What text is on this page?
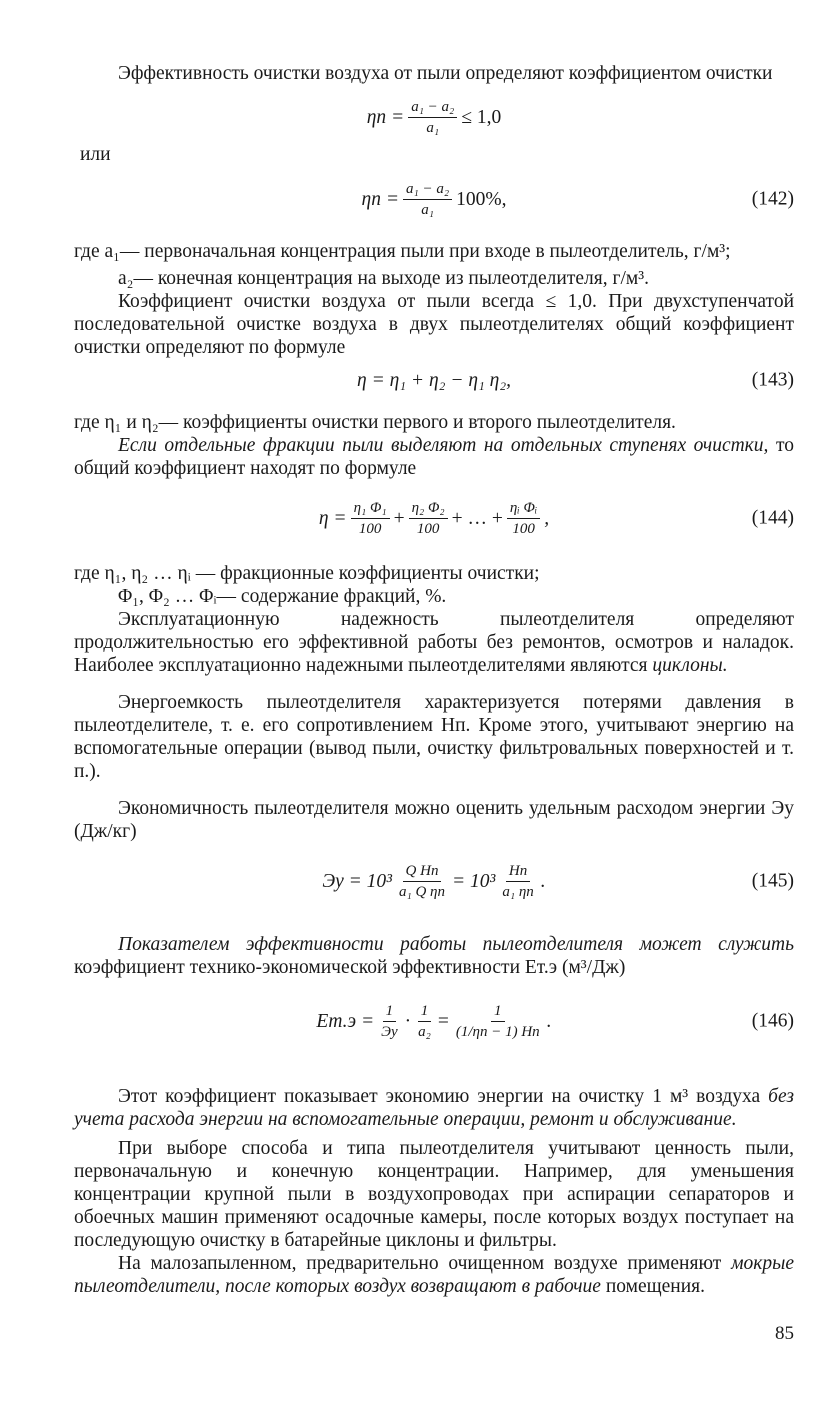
Эффективность очистки воздуха от пыли определяют коэффициентом очистки

$\eta п = \frac{\text{a₁ − a₂}}{\text{a₁}} \le 1,0$

или

$\eta п = \frac{\text{a₁ − a₂}}{\text{a₁}} 100\%$,	(142)

где a₁— первоначальная концентрация пыли при входе в пылеотделитель, г/м³;

a₂— конечная концентрация на выходе из пылеотделителя, г/м³.

Коэффициент очистки воздуха от пыли всегда ≤ 1,0. При двухступенчатой последовательной очистке воздуха в двух пылеотделителях общий коэффициент очистки определяют по формуле

η = η₁ + η₂ − η₁ η₂,	(143)

где η₁ и η₂— коэффициенты очистки первого и второго пылеотделителя.

Если отдельные фракции пыли выделяют на отдельных ступенях очистки, то общий коэффициент находят по формуле

$\eta = \frac{\text{η₁ Φ₁}}{100} + \frac{\text{η₂ Φ₂}}{100}$ + … + $\frac{\text{ηᵢ Φᵢ}}{100}$ ,	(144)

где η₁, η₂ … ηᵢ — фракционные коэффициенты очистки;

Φ₁, Φ₂ … Φᵢ— содержание фракций, %.

Эксплуатационную надежность пылеотделителя определяют продолжительностью его эффективной работы без ремонтов, осмотров и наладок. Наиболее эксплуатационно надежными пылеотделителями являются циклоны.

Энергоемкость пылеотделителя характеризуется потерями давления в пылеотделителе, т. е. его сопротивлением Hп. Кроме этого, учитывают энергию на вспомогательные операции (вывод пыли, очистку фильтровальных поверхностей и т. п.).

Экономичность пылеотделителя можно оценить удельным расходом энергии Эу (Дж/кг)

Эу = $10^3 \frac{\text{Q Hп}}{\text{a₁ Q ηп}} = 10^3 \frac{Hп}{\text{a₁ ηп}}$ .	(145)

Показателем эффективности работы пылеотделителя может служить коэффициент технико-экономической эффективности Eт.э (м³/Дж)

$Eт.э = \frac{1}{Эу} \cdot \frac{1}{\text{a₂}} = \frac{1}{(1/\eta п - 1) Hп}$ .	(146)

Этот коэффициент показывает экономию энергии на очистку 1 м³ воздуха без учета расхода энергии на вспомогательные операции, ремонт и обслуживание.

При выборе способа и типа пылеотделителя учитывают ценность пыли, первоначальную и конечную концентрации. Например, для уменьшения концентрации крупной пыли в воздухопроводах при аспирации сепараторов и обоечных машин применяют осадочные камеры, после которых воздух поступает на последующую очистку в батарейные циклоны и фильтры.

На малозапыленном, предварительно очищенном воздухе применяют мокрые пылеотделители, после которых воздух возвращают в рабочие помещения.

85
